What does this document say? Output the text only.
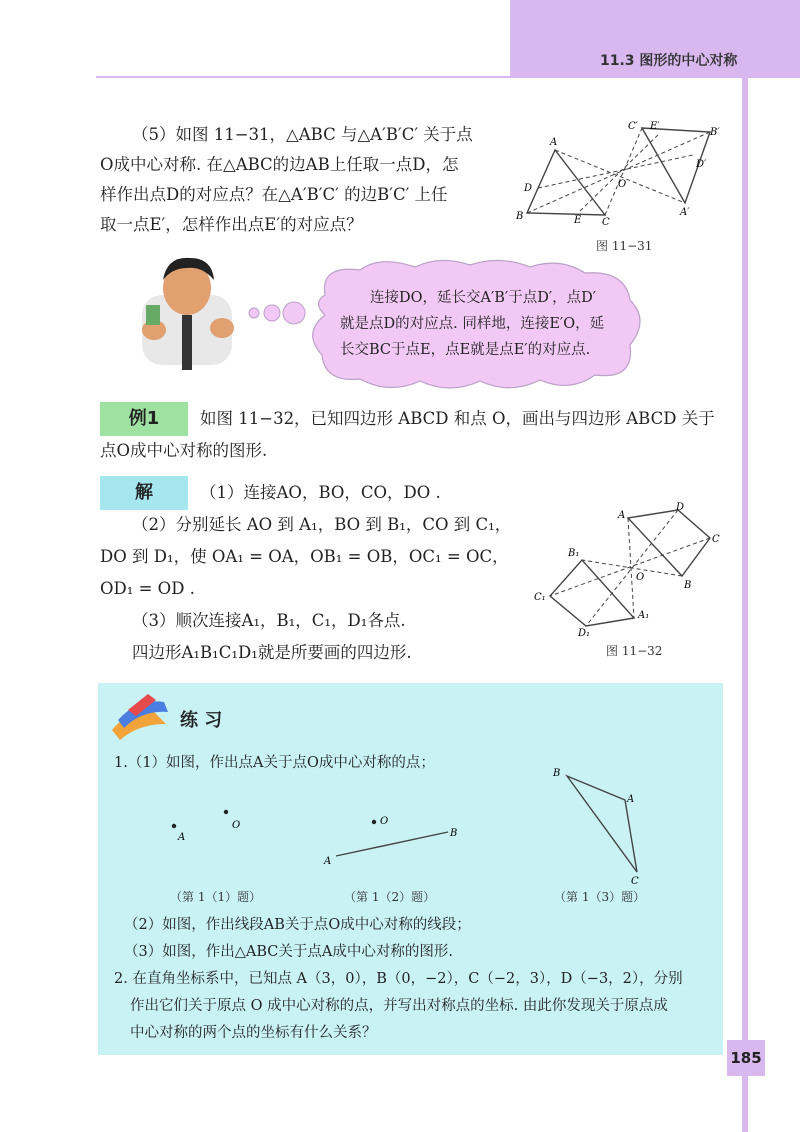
11.3 图形的中心对称
（5）如图 11−31，△ABC 与△A′B′C′ 关于点
O成中心对称. 在△ABC的边AB上任取一点D，怎
样作出点D的对应点？在△A′B′C′ 的边B′C′ 上任
取一点E′，怎样作出点E′的对应点？
A
B
C
D
E
O
A′
B′
C′
D′
E′
图 11−31
连接DO，延长交A′B′于点D′，点D′
就是点D的对应点. 同样地，连接E′O，延
长交BC于点E，点E就是点E′的对应点.
例1	如图 11−32，已知四边形 ABCD 和点 O，画出与四边形 ABCD 关于
点O成中心对称的图形.
解	（1）连接AO，BO，CO，DO .
（2）分别延长 AO 到 A₁，BO 到 B₁，CO 到 C₁，
DO 到 D₁，使 OA₁ = OA，OB₁ = OB，OC₁ = OC，
OD₁ = OD .
（3）顺次连接A₁，B₁，C₁，D₁各点.
四边形A₁B₁C₁D₁就是所要画的四边形.
A
B
C
D
O
A₁
B₁
C₁
D₁
图 11−32
练 习
1.（1）如图，作出点A关于点O成中心对称的点；
A
O
（第 1（1）题）
A
B
O
（第 1（2）题）
B
A
C
（第 1（3）题）
（2）如图，作出线段AB关于点O成中心对称的线段；
（3）如图，作出△ABC关于点A成中心对称的图形.
2. 在直角坐标系中，已知点 A（3，0），B（0，−2），C（−2，3），D（−3，2），分别
作出它们关于原点 O 成中心对称的点，并写出对称点的坐标. 由此你发现关于原点成
中心对称的两个点的坐标有什么关系？
185
